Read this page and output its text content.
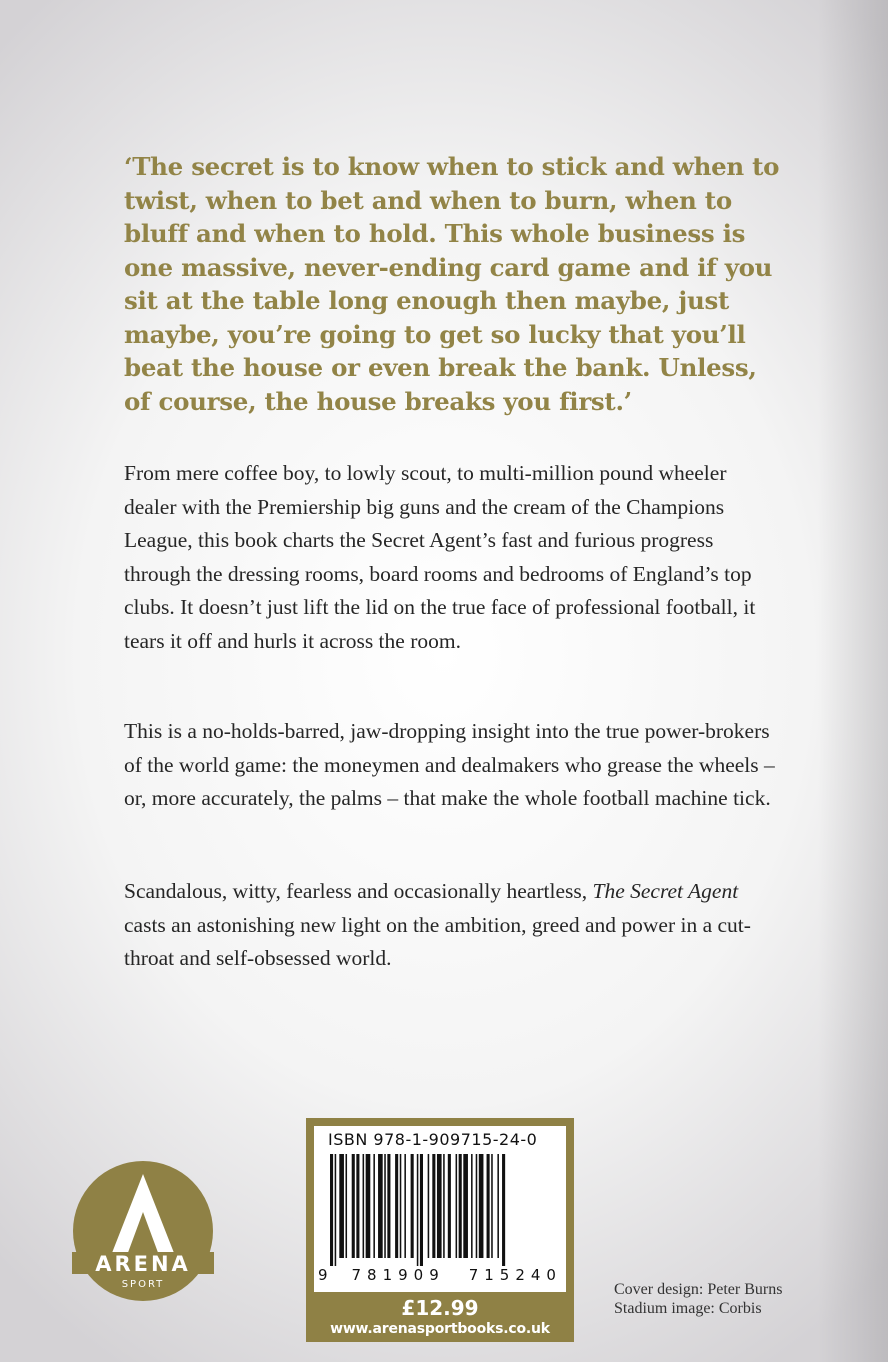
‘The secret is to know when to stick and when to twist, when to bet and when to burn, when to bluff and when to hold. This whole business is one massive, never-ending card game and if you sit at the table long enough then maybe, just maybe, you’re going to get so lucky that you’ll beat the house or even break the bank. Unless, of course, the house breaks you first.’
From mere coffee boy, to lowly scout, to multi-million pound wheeler dealer with the Premiership big guns and the cream of the Champions League, this book charts the Secret Agent’s fast and furious progress through the dressing rooms, board rooms and bedrooms of England’s top clubs. It doesn’t just lift the lid on the true face of professional football, it tears it off and hurls it across the room.
This is a no-holds-barred, jaw-dropping insight into the true power-brokers of the world game: the moneymen and dealmakers who grease the wheels – or, more accurately, the palms – that make the whole football machine tick.
Scandalous, witty, fearless and occasionally heartless, The Secret Agent casts an astonishing new light on the ambition, greed and power in a cut-throat and self-obsessed world.
ARENA
SPORT
ISBN 978-1-909715-24-0
9 781909 715240
£12.99
www.arenasportbooks.co.uk
Cover design: Peter Burns
Stadium image: Corbis
